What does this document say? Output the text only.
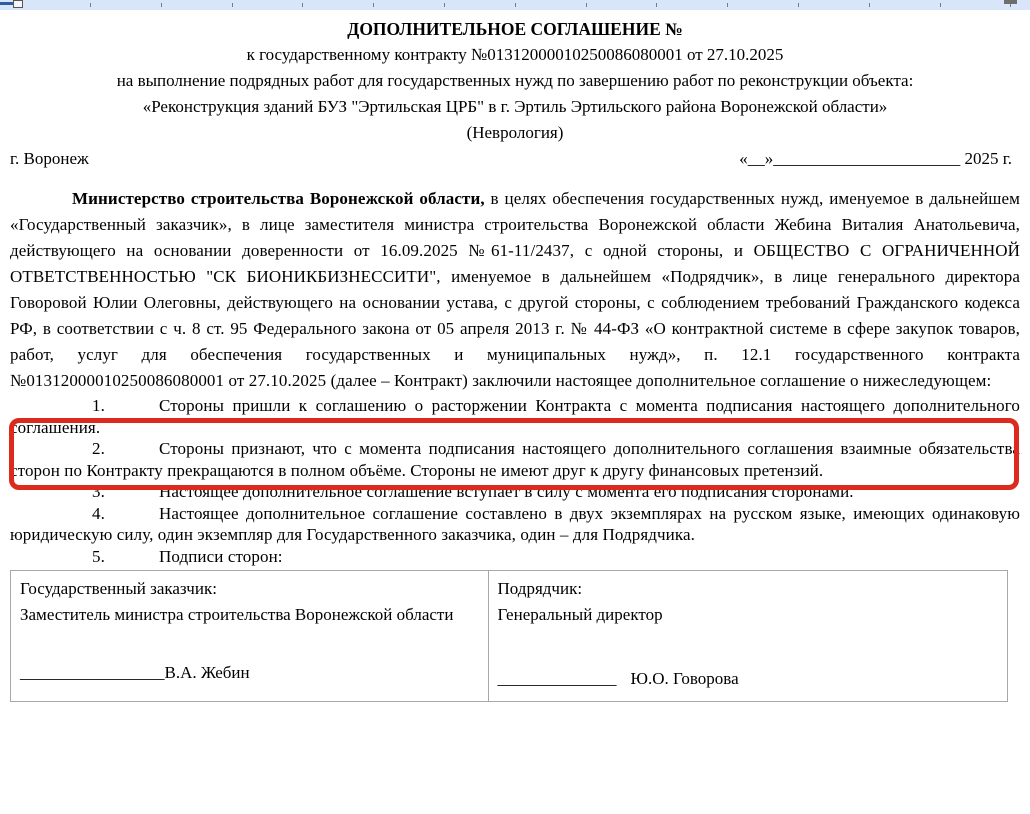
ДОПОЛНИТЕЛЬНОЕ СОГЛАШЕНИЕ №
к государственному контракту №01312000010250086080001 от 27.10.2025
на выполнение подрядных работ для государственных нужд по завершению работ по реконструкции объекта:
«Реконструкция зданий БУЗ "Эртильская ЦРБ" в г. Эртиль Эртильского района Воронежской области»
(Неврология)
г. Воронеж	«__»______________________ 2025 г.

Министерство строительства Воронежской области, в целях обеспечения государственных нужд, именуемое в дальнейшем «Государственный заказчик», в лице заместителя министра строительства Воронежской области Жебина Виталия Анатольевича, действующего на основании доверенности от 16.09.2025 №61-11/2437, с одной стороны, и ОБЩЕСТВО С ОГРАНИЧЕННОЙ ОТВЕТСТВЕННОСТЬЮ "СК БИОНИКБИЗНЕССИТИ", именуемое в дальнейшем «Подрядчик», в лице генерального директора Говоровой Юлии Олеговны, действующего на основании устава, с другой стороны, с соблюдением требований Гражданского кодекса РФ, в соответствии с ч. 8 ст. 95 Федерального закона от 05 апреля 2013 г. № 44-ФЗ «О контрактной системе в сфере закупок товаров, работ, услуг для обеспечения государственных и муниципальных нужд», п. 12.1 государственного контракта №01312000010250086080001 от 27.10.2025 (далее – Контракт) заключили настоящее дополнительное соглашение о нижеследующем:

1.	Стороны пришли к соглашению о расторжении Контракта с момента подписания настоящего дополнительного соглашения.

2.	Стороны признают, что с момента подписания настоящего дополнительного соглашения взаимные обязательства сторон по Контракту прекращаются в полном объёме. Стороны не имеют друг к другу финансовых претензий.

3.	Настоящее дополнительное соглашение вступает в силу с момента его подписания сторонами.

4.	Настоящее дополнительное соглашение составлено в двух экземплярах на русском языке, имеющих одинаковую юридическую силу, один экземпляр для Государственного заказчика, один – для Подрядчика.

5.	Подписи сторон:

Государственный заказчик:
Заместитель министра строительства Воронежской области
_________________В.А. Жебин
Подрядчик:
Генеральный директор
______________ Ю.О. Говорова
